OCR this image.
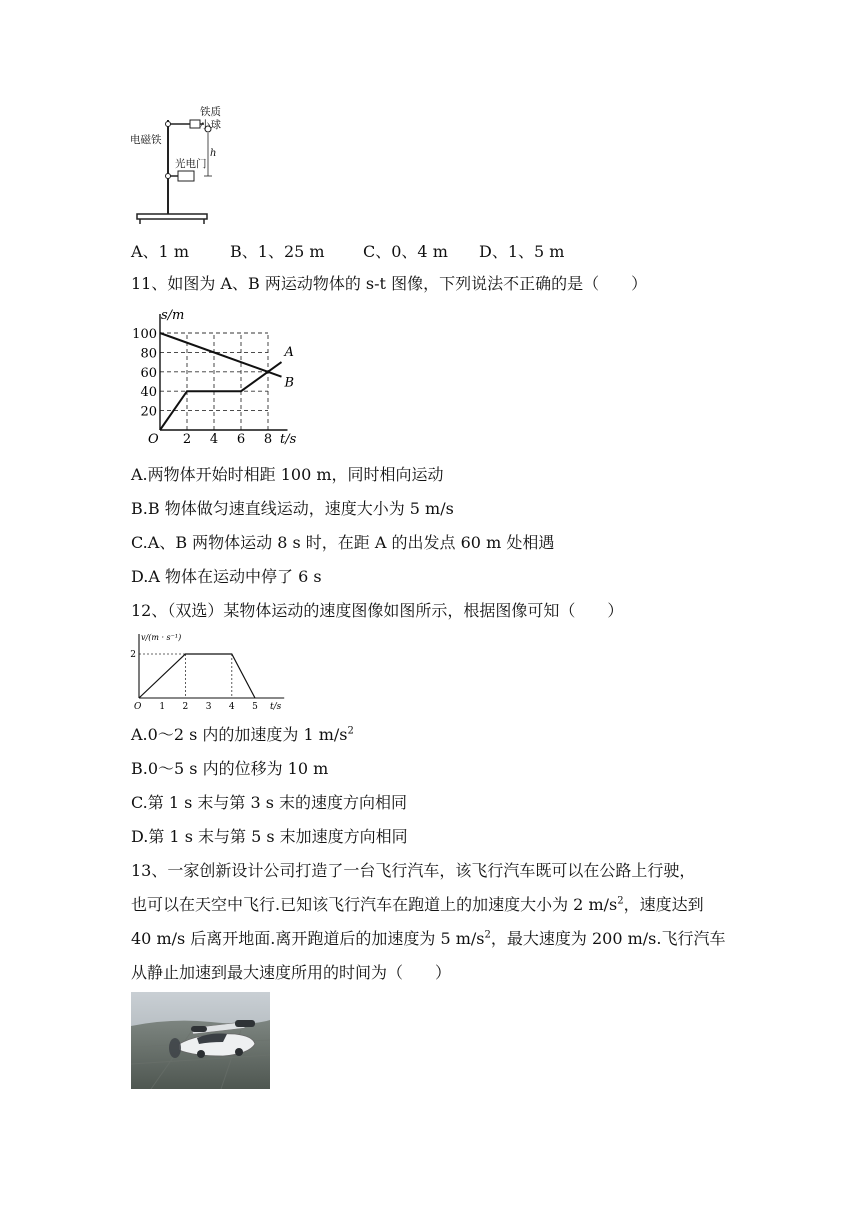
电磁铁
铁质
小球
光电门
h
A、1 m	B、1、25 m C、0、4 m D、1、5 m
11、如图为 A、B 两运动物体的 s-t 图像，下列说法不正确的是（　　）
2 4 6 8
20
40
60
80
100
A
B
s/m
t/s
O
A.两物体开始时相距 100 m，同时相向运动
B.B 物体做匀速直线运动，速度大小为 5 m/s
C.A、B 两物体运动 8 s 时，在距 A 的出发点 60 m 处相遇
D.A 物体在运动中停了 6 s
12、（双选）某物体运动的速度图像如图所示，根据图像可知（　　）
1 2 3 4 5
2
v/(m · s⁻¹)
t/s
O
A.0～2 s 内的加速度为 1 $m/s^2$
B.0～5 s 内的位移为 10 m
C.第 1 s 末与第 3 s 末的速度方向相同
D.第 1 s 末与第 5 s 末加速度方向相同
13、一家创新设计公司打造了一台飞行汽车，该飞行汽车既可以在公路上行驶，
也可以在天空中飞行.已知该飞行汽车在跑道上的加速度大小为 2 $m/s^2$，速度达到
40 m/s 后离开地面.离开跑道后的加速度为 5 $m/s^2$，最大速度为 200 m/s.飞行汽车
从静止加速到最大速度所用的时间为（　　）
